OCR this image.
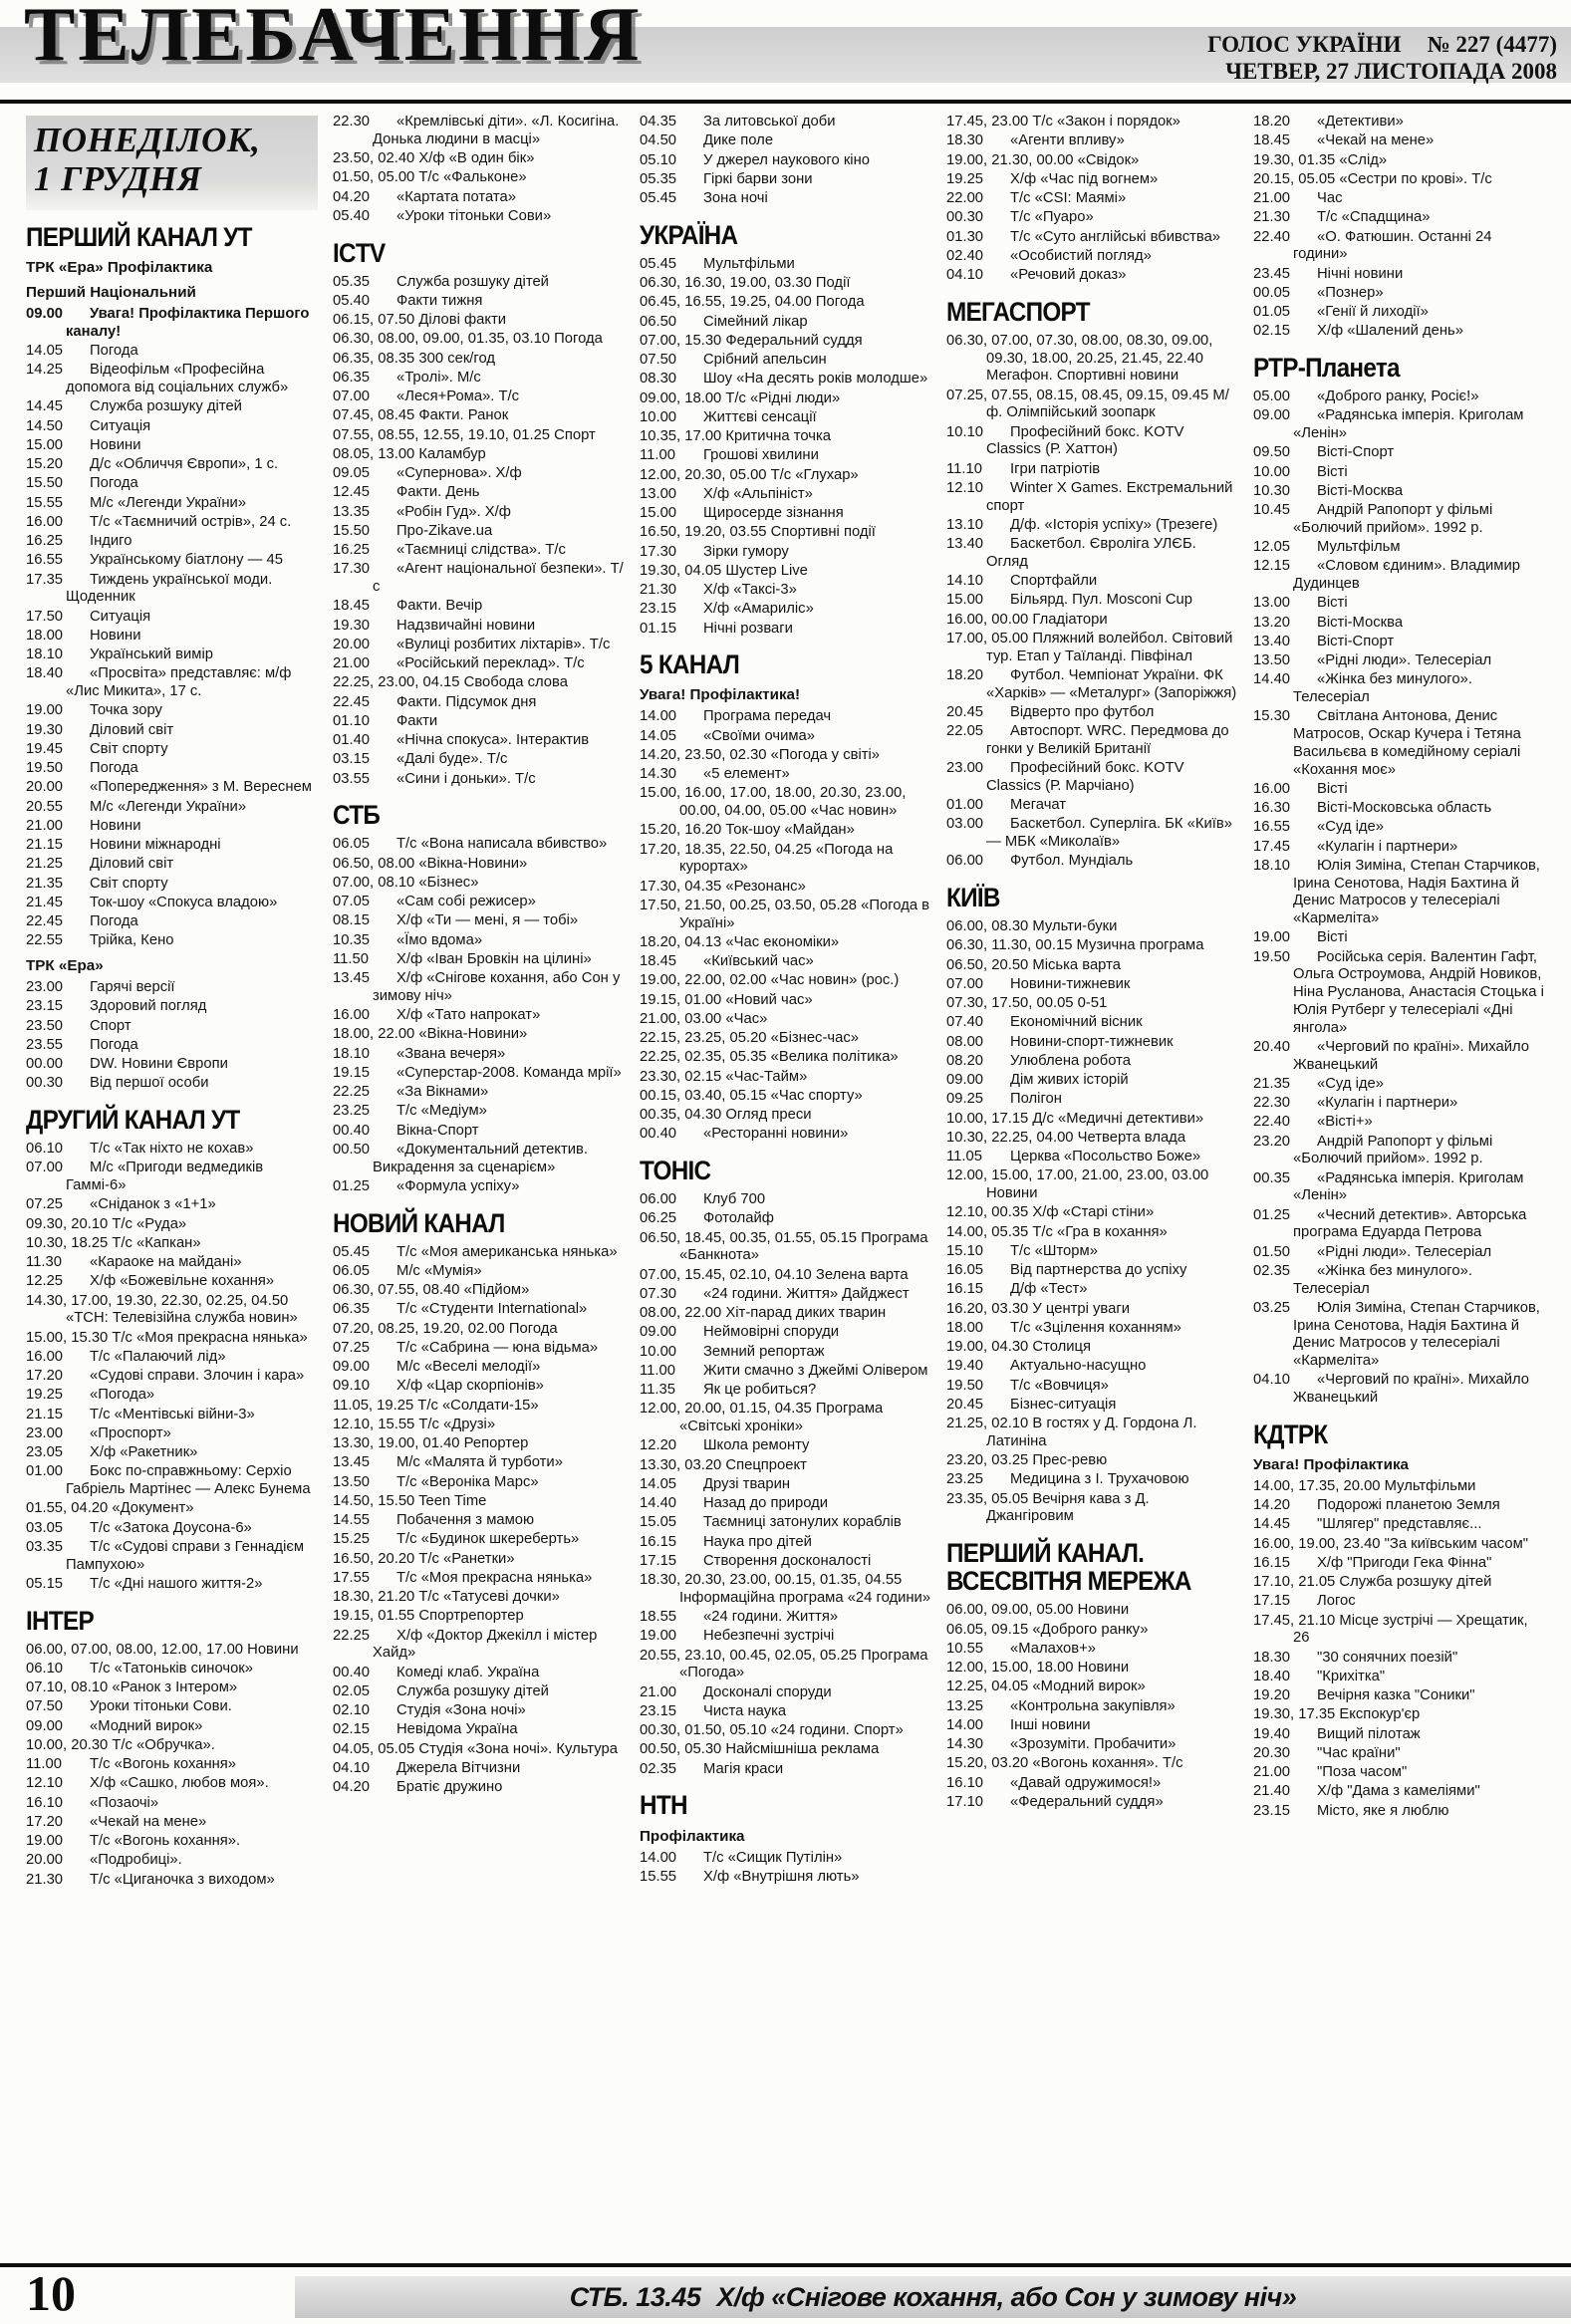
ТЕЛЕБАЧЕННЯ	ГОЛОС УКРАЇНИ № 227 (4477)
ЧЕТВЕР, 27 ЛИСТОПАДА 2008
ПОНЕДІЛОК,
1 ГРУДНЯ
ПЕРШИЙ КАНАЛ УТ
ТРК «Ера» Профілактика
Перший Національний
09.00 Увага! Профілактика Першого каналу!
14.05 Погода
14.25 Відеофільм «Професійна допомога від соціальних служб»
14.45 Служба розшуку дітей
14.50 Ситуація
15.00 Новини
15.20 Д/с «Обличчя Європи», 1 с.
15.50 Погода
15.55 М/с «Легенди України»
16.00 Т/с «Таємничий острів», 24 с.
16.25 Індиго
16.55 Українському біатлону — 45
17.35 Тиждень української моди. Щоденник
17.50 Ситуація
18.00 Новини
18.10 Український вимір
18.40 «Просвіта» представляє: м/ф «Лис Микита», 17 с.
19.00 Точка зору
19.30 Діловий світ
19.45 Світ спорту
19.50 Погода
20.00 «Попередження» з М. Вереснем
20.55 М/с «Легенди України»
21.00 Новини
21.15 Новини міжнародні
21.25 Діловий світ
21.35 Світ спорту
21.45 Ток-шоу «Спокуса владою»
22.45 Погода
22.55 Трійка, Кено
ТРК «Ера»
23.00 Гарячі версії
23.15 Здоровий погляд
23.50 Спорт
23.55 Погода
00.00 DW. Новини Європи
00.30 Від першої особи
ДРУГИЙ КАНАЛ УТ
06.10 Т/с «Так ніхто не кохав»
07.00 М/с «Пригоди ведмедиків Гаммі-6»
07.25 «Сніданок з «1+1»
09.30, 20.10 Т/с «Руда»
10.30, 18.25 Т/с «Капкан»
11.30 «Караоке на майдані»
12.25 Х/ф «Божевільне кохання»
14.30, 17.00, 19.30, 22.30, 02.25, 04.50 «ТСН: Телевізійна служба новин»
15.00, 15.30 Т/с «Моя прекрасна нянька»
16.00 Т/с «Палаючий лід»
17.20 «Судові справи. Злочин і кара»
19.25 «Погода»
21.15 Т/с «Ментівські війни-3»
23.00 «Проспорт»
23.05 Х/ф «Ракетник»
01.00 Бокс по-справжньому: Серхіо Габріель Мартінес — Алекс Бунема
01.55, 04.20 «Документ»
03.05 Т/с «Затока Доусона-6»
03.35 Т/с «Судові справи з Геннадієм Пампухою»
05.15 Т/с «Дні нашого життя-2»
ІНТЕР
06.00, 07.00, 08.00, 12.00, 17.00 Новини
06.10 Т/с «Татоньків синочок»
07.10, 08.10 «Ранок з Інтером»
07.50 Уроки тітоньки Сови.
09.00 «Модний вирок»
10.00, 20.30 Т/с «Обручка».
11.00 Т/с «Вогонь кохання»
12.10 Х/ф «Сашко, любов моя».
16.10 «Позаочі»
17.20 «Чекай на мене»
19.00 Т/с «Вогонь кохання».
20.00 «Подробиці».
21.30 Т/с «Циганочка з виходом»
22.30 «Кремлівські діти». «Л. Косигіна. Донька людини в масці»
23.50, 02.40 Х/ф «В один бік»
01.50, 05.00 Т/с «Фальконе»
04.20 «Картата потата»
05.40 «Уроки тітоньки Сови»
ICTV
05.35 Служба розшуку дітей
05.40 Факти тижня
06.15, 07.50 Ділові факти
06.30, 08.00, 09.00, 01.35, 03.10 Погода
06.35, 08.35 300 сек/год
06.35 «Тролі». М/с
07.00 «Леся+Рома». Т/с
07.45, 08.45 Факти. Ранок
07.55, 08.55, 12.55, 19.10, 01.25 Спорт
08.05, 13.00 Каламбур
09.05 «Супернова». Х/ф
12.45 Факти. День
13.35 «Робін Гуд». Х/ф
15.50 Про-Zikave.ua
16.25 «Таємниці слідства». Т/с
17.30 «Агент національної безпеки». Т/с
18.45 Факти. Вечір
19.30 Надзвичайні новини
20.00 «Вулиці розбитих ліхтарів». Т/с
21.00 «Російський переклад». Т/с
22.25, 23.00, 04.15 Свобода слова
22.45 Факти. Підсумок дня
01.10 Факти
01.40 «Нічна спокуса». Інтерактив
03.15 «Далі буде». Т/с
03.55 «Сини і доньки». Т/с
СТБ
06.05 Т/с «Вона написала вбивство»
06.50, 08.00 «Вікна-Новини»
07.00, 08.10 «Бізнес»
07.05 «Сам собі режисер»
08.15 Х/ф «Ти — мені, я — тобі»
10.35 «Їмо вдома»
11.50 Х/ф «Іван Бровкін на цілині»
13.45 Х/ф «Снігове кохання, або Сон у зимову ніч»
16.00 Х/ф «Тато напрокат»
18.00, 22.00 «Вікна-Новини»
18.10 «Звана вечеря»
19.15 «Суперстар-2008. Команда мрії»
22.25 «За Вікнами»
23.25 Т/с «Медіум»
00.40 Вікна-Спорт
00.50 «Документальний детектив. Викрадення за сценарієм»
01.25 «Формула успіху»
НОВИЙ КАНАЛ
05.45 Т/с «Моя американська нянька»
06.05 М/с «Мумія»
06.30, 07.55, 08.40 «Підйом»
06.35 Т/с «Студенти International»
07.20, 08.25, 19.20, 02.00 Погода
07.25 Т/с «Сабрина — юна відьма»
09.00 М/с «Веселі мелодії»
09.10 Х/ф «Цар скорпіонів»
11.05, 19.25 Т/с «Солдати-15»
12.10, 15.55 Т/с «Друзі»
13.30, 19.00, 01.40 Репортер
13.45 М/с «Малята й турботи»
13.50 Т/с «Вероніка Марс»
14.50, 15.50 Teen Time
14.55 Побачення з мамою
15.25 Т/с «Будинок шкереберть»
16.50, 20.20 Т/с «Ранетки»
17.55 Т/с «Моя прекрасна нянька»
18.30, 21.20 Т/с «Татусеві дочки»
19.15, 01.55 Спортрепортер
22.25 Х/ф «Доктор Джекілл і містер Хайд»
00.40 Комеді клаб. Україна
02.05 Служба розшуку дітей
02.10 Студія «Зона ночі»
02.15 Невідома Україна
04.05, 05.05 Студія «Зона ночі». Культура
04.10 Джерела Вітчизни
04.20 Братіє дружино
04.35 За литовської доби
04.50 Дике поле
05.10 У джерел наукового кіно
05.35 Гіркі барви зони
05.45 Зона ночі
УКРАЇНА
05.45 Мультфільми
06.30, 16.30, 19.00, 03.30 Події
06.45, 16.55, 19.25, 04.00 Погода
06.50 Сімейний лікар
07.00, 15.30 Федеральний суддя
07.50 Срібний апельсин
08.30 Шоу «На десять років молодше»
09.00, 18.00 Т/с «Рідні люди»
10.00 Життєві сенсації
10.35, 17.00 Критична точка
11.00 Грошові хвилини
12.00, 20.30, 05.00 Т/с «Глухар»
13.00 Х/ф «Альпініст»
15.00 Щиросерде зізнання
16.50, 19.20, 03.55 Спортивні події
17.30 Зірки гумору
19.30, 04.05 Шустер Live
21.30 Х/ф «Таксі-3»
23.15 Х/ф «Амариліс»
01.15 Нічні розваги
5 КАНАЛ
Увага! Профілактика!
14.00 Програма передач
14.05 «Своїми очима»
14.20, 23.50, 02.30 «Погода у світі»
14.30 «5 елемент»
15.00, 16.00, 17.00, 18.00, 20.30, 23.00, 00.00, 04.00, 05.00 «Час новин»
15.20, 16.20 Ток-шоу «Майдан»
17.20, 18.35, 22.50, 04.25 «Погода на курортах»
17.30, 04.35 «Резонанс»
17.50, 21.50, 00.25, 03.50, 05.28 «Погода в Україні»
18.20, 04.13 «Час економіки»
18.45 «Київський час»
19.00, 22.00, 02.00 «Час новин» (рос.)
19.15, 01.00 «Новий час»
21.00, 03.00 «Час»
22.15, 23.25, 05.20 «Бізнес-час»
22.25, 02.35, 05.35 «Велика політика»
23.30, 02.15 «Час-Тайм»
00.15, 03.40, 05.15 «Час спорту»
00.35, 04.30 Огляд преси
00.40 «Ресторанні новини»
ТОНІС
06.00 Клуб 700
06.25 Фотолайф
06.50, 18.45, 00.35, 01.55, 05.15 Програма «Банкнота»
07.00, 15.45, 02.10, 04.10 Зелена варта
07.30 «24 години. Життя» Дайджест
08.00, 22.00 Хіт-парад диких тварин
09.00 Неймовірні споруди
10.00 Земний репортаж
11.00 Жити смачно з Джеймі Олівером
11.35 Як це робиться?
12.00, 20.00, 01.15, 04.35 Програма «Світські хроніки»
12.20 Школа ремонту
13.30, 03.20 Спецпроект
14.05 Друзі тварин
14.40 Назад до природи
15.05 Таємниці затонулих кораблів
16.15 Наука про дітей
17.15 Створення досконалості
18.30, 20.30, 23.00, 00.15, 01.35, 04.55 Інформаційна програма «24 години»
18.55 «24 години. Життя»
19.00 Небезпечні зустрічі
20.55, 23.10, 00.45, 02.05, 05.25 Програма «Погода»
21.00 Досконалі споруди
23.15 Чиста наука
00.30, 01.50, 05.10 «24 години. Спорт»
00.50, 05.30 Найсмішніша реклама
02.35 Магія краси
НТН
Профілактика
14.00 Т/с «Сищик Путілін»
15.55 Х/ф «Внутрішня лють»
17.45, 23.00 Т/с «Закон і порядок»
18.30 «Агенти впливу»
19.00, 21.30, 00.00 «Свідок»
19.25 Х/ф «Час під вогнем»
22.00 Т/с «CSI: Маямі»
00.30 Т/с «Пуаро»
01.30 Т/с «Суто англійські вбивства»
02.40 «Особистий погляд»
04.10 «Речовий доказ»
МЕГАСПОРТ
06.30, 07.00, 07.30, 08.00, 08.30, 09.00, 09.30, 18.00, 20.25, 21.45, 22.40 Мегафон. Спортивні новини
07.25, 07.55, 08.15, 08.45, 09.15, 09.45 М/ф. Олімпійський зоопарк
10.10 Професійний бокс. KOTV Classics (Р. Хаттон)
11.10 Ігри патріотів
12.10 Winter X Games. Екстремальний спорт
13.10 Д/ф. «Історія успіху» (Трезеге)
13.40 Баскетбол. Євроліга УЛЄБ. Огляд
14.10 Спортфайли
15.00 Більярд. Пул. Mosconi Cup
16.00, 00.00 Гладіатори
17.00, 05.00 Пляжний волейбол. Світовий тур. Етап у Таїланді. Півфінал
18.20 Футбол. Чемпіонат України. ФК «Харків» — «Металург» (Запоріжжя)
20.45 Відверто про футбол
22.05 Автоспорт. WRC. Передмова до гонки у Великій Британії
23.00 Професійний бокс. KOTV Classics (Р. Марчіано)
01.00 Мегачат
03.00 Баскетбол. Суперліга. БК «Київ» — МБК «Миколаїв»
06.00 Футбол. Мундіаль
КИЇВ
06.00, 08.30 Мульти-буки
06.30, 11.30, 00.15 Музична програма
06.50, 20.50 Міська варта
07.00 Новини-тижневик
07.30, 17.50, 00.05 0-51
07.40 Економічний вісник
08.00 Новини-спорт-тижневик
08.20 Улюблена робота
09.00 Дім живих історій
09.25 Полігон
10.00, 17.15 Д/с «Медичні детективи»
10.30, 22.25, 04.00 Четверта влада
11.05 Церква «Посольство Боже»
12.00, 15.00, 17.00, 21.00, 23.00, 03.00 Новини
12.10, 00.35 Х/ф «Старі стіни»
14.00, 05.35 Т/с «Гра в кохання»
15.10 Т/с «Шторм»
16.05 Від партнерства до успіху
16.15 Д/ф «Тест»
16.20, 03.30 У центрі уваги
18.00 Т/с «Зцілення коханням»
19.00, 04.30 Столиця
19.40 Актуально-насущно
19.50 Т/с «Вовчиця»
20.45 Бізнес-ситуація
21.25, 02.10 В гостях у Д. Гордона Л. Латиніна
23.20, 03.25 Прес-ревю
23.25 Медицина з І. Трухачовою
23.35, 05.05 Вечірня кава з Д. Джангіровим
ПЕРШИЙ КАНАЛ. ВСЕСВІТНЯ МЕРЕЖА
06.00, 09.00, 05.00 Новини
06.05, 09.15 «Доброго ранку»
10.55 «Малахов+»
12.00, 15.00, 18.00 Новини
12.25, 04.05 «Модний вирок»
13.25 «Контрольна закупівля»
14.00 Інші новини
14.30 «Зрозуміти. Пробачити»
15.20, 03.20 «Вогонь кохання». Т/с
16.10 «Давай одружимося!»
17.10 «Федеральний суддя»
18.20 «Детективи»
18.45 «Чекай на мене»
19.30, 01.35 «Слід»
20.15, 05.05 «Сестри по крові». Т/с
21.00 Час
21.30 Т/с «Спадщина»
22.40 «О. Фатюшин. Останні 24 години»
23.45 Нічні новини
00.05 «Познер»
01.05 «Генії й лиходії»
02.15 Х/ф «Шалений день»
РТР-Планета
05.00 «Доброго ранку, Росіє!»
09.00 «Радянська імперія. Криголам «Ленін»
09.50 Вісті-Спорт
10.00 Вісті
10.30 Вісті-Москва
10.45 Андрій Рапопорт у фільмі «Болючий прийом». 1992 р.
12.05 Мультфільм
12.15 «Словом єдиним». Владимир Дудинцев
13.00 Вісті
13.20 Вісті-Москва
13.40 Вісті-Спорт
13.50 «Рідні люди». Телесеріал
14.40 «Жінка без минулого». Телесеріал
15.30 Світлана Антонова, Денис Матросов, Оскар Кучера і Тетяна Васильєва в комедійному серіалі «Кохання моє»
16.00 Вісті
16.30 Вісті-Московська область
16.55 «Суд іде»
17.45 «Кулагін і партнери»
18.10 Юлія Зиміна, Степан Старчиков, Ірина Сенотова, Надія Бахтина й Денис Матросов у телесеріалі «Кармеліта»
19.00 Вісті
19.50 Російська серія. Валентин Гафт, Ольга Остроумова, Андрій Новиков, Ніна Русланова, Анастасія Стоцька і Юлія Рутберг у телесеріалі «Дні янгола»
20.40 «Черговий по країні». Михайло Жванецький
21.35 «Суд іде»
22.30 «Кулагін і партнери»
22.40 «Вісті+»
23.20 Андрій Рапопорт у фільмі «Болючий прийом». 1992 р.
00.35 «Радянська імперія. Криголам «Ленін»
01.25 «Чесний детектив». Авторська програма Едуарда Петрова
01.50 «Рідні люди». Телесеріал
02.35 «Жінка без минулого». Телесеріал
03.25 Юлія Зиміна, Степан Старчиков, Ірина Сенотова, Надія Бахтина й Денис Матросов у телесеріалі «Кармеліта»
04.10 «Черговий по країні». Михайло Жванецький
КДТРК
Увага! Профілактика
14.00, 17.35, 20.00 Мультфільми
14.20 Подорожі планетою Земля
14.45 "Шлягер" представляє...
16.00, 19.00, 23.40 "За київським часом"
16.15 Х/ф "Пригоди Гека Фінна"
17.10, 21.05 Служба розшуку дітей
17.15 Логос
17.45, 21.10 Місце зустрічі — Хрещатик, 26
18.30 "30 сонячних поезій"
18.40 "Крихітка"
19.20 Вечірня казка "Соники"
19.30, 17.35 Експокур'єр
19.40 Вищий пілотаж
20.30 "Час країни"
21.00 "Поза часом"
21.40 Х/ф "Дама з камеліями"
23.15 Місто, яке я люблю
10	СТБ. 13.45 Х/ф «Снігове кохання, або Сон у зимову ніч»
